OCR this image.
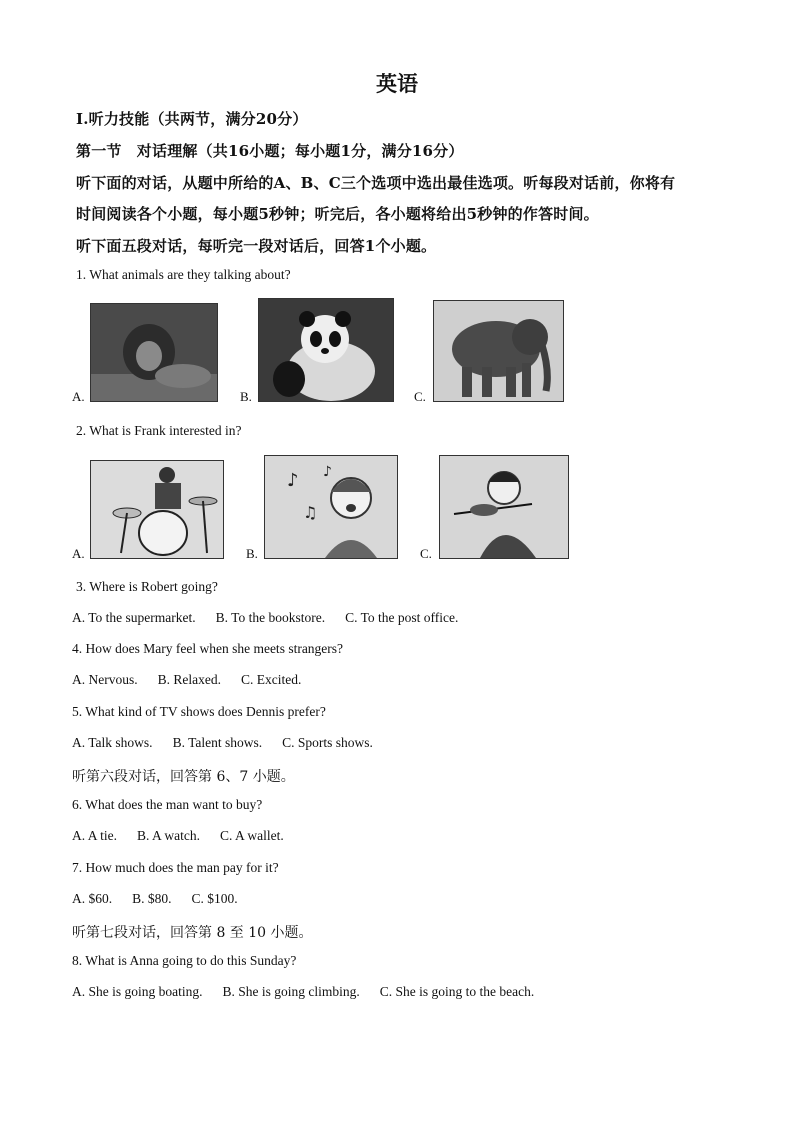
英语
Ⅰ.听力技能（共两节，满分20分）
第一节　对话理解（共16小题；每小题1分，满分16分）
听下面的对话，从题中所给的A、B、C三个选项中选出最佳选项。听每段对话前，你将有
时间阅读各个小题，每小题5秒钟；听完后，各小题将给出5秒钟的作答时间。
听下面五段对话，每听完一段对话后，回答1个小题。
1. What animals are they talking about?
A.	B.	C.
2. What is Frank interested in?
A.	B.
♪
♫
♪
C.
3. Where is Robert going?
A. To the supermarket. B. To the bookstore. C. To the post office.
4. How does Mary feel when she meets strangers?
A. Nervous. B. Relaxed. C. Excited.
5. What kind of TV shows does Dennis prefer?
A. Talk shows. B. Talent shows. C. Sports shows.
听第六段对话，回答第 6、7 小题。
6. What does the man want to buy?
A. A tie. B. A watch. C. A wallet.
7. How much does the man pay for it?
A. $60. B. $80. C. $100.
听第七段对话，回答第 8 至 10 小题。
8. What is Anna going to do this Sunday?
A. She is going boating. B. She is going climbing. C. She is going to the beach.
